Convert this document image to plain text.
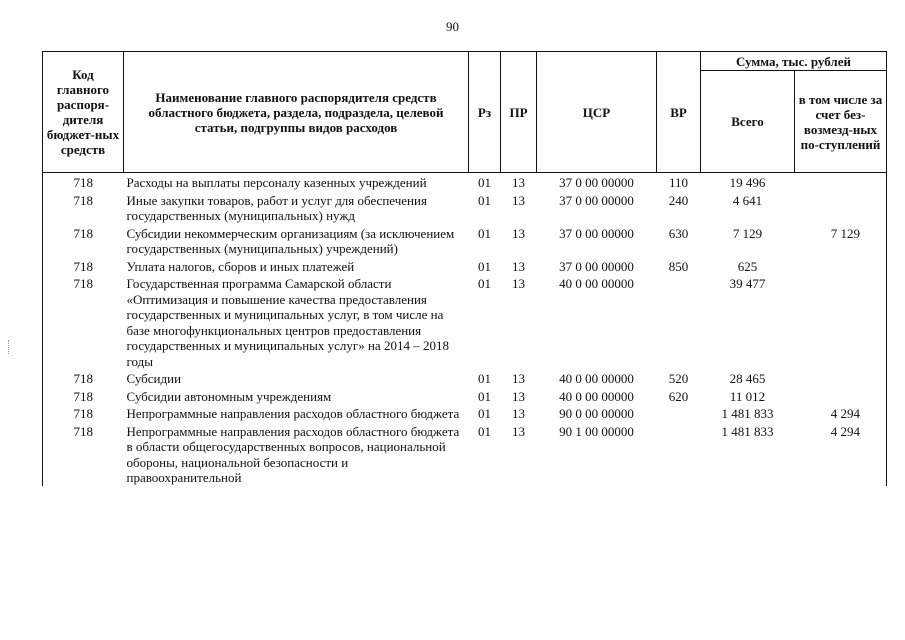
90
Код главного распоря-дителя бюджет-ных средств	Наименование главного распорядителя средств областного бюджета, раздела, подраздела, целевой статьи, подгруппы видов расходов	Рз	ПР	ЦСР	ВР	Сумма, тыс. рублей	
						Всего	в том числе за счет без-возмезд-ных по-ступлений
718	Расходы на выплаты персоналу казенных учреждений	01	13	37 0 00 00000	110	19 496	
718	Иные закупки товаров, работ и услуг для обеспечения государственных (муниципальных) нужд	01	13	37 0 00 00000	240	4 641	
718	Субсидии некоммерческим организациям (за исключением государственных (муниципальных) учреждений)	01	13	37 0 00 00000	630	7 129	7 129
718	Уплата налогов, сборов и иных платежей	01	13	37 0 00 00000	850	625	
718	Государственная программа Самарской области «Оптимизация и повышение качества предоставления государственных и муниципальных услуг, в том числе на базе многофункциональных центров предоставления государственных и муниципальных услуг» на 2014 – 2018 годы	01	13	40 0 00 00000		39 477	
718	Субсидии	01	13	40 0 00 00000	520	28 465	
718	Субсидии автономным учреждениям	01	13	40 0 00 00000	620	11 012	
718	Непрограммные направления расходов областного бюджета	01	13	90 0 00 00000		1 481 833	4 294
718	Непрограммные направления расходов областного бюджета в области общегосударственных вопросов, национальной обороны, национальной безопасности и правоохранительной	01	13	90 1 00 00000		1 481 833	4 294
